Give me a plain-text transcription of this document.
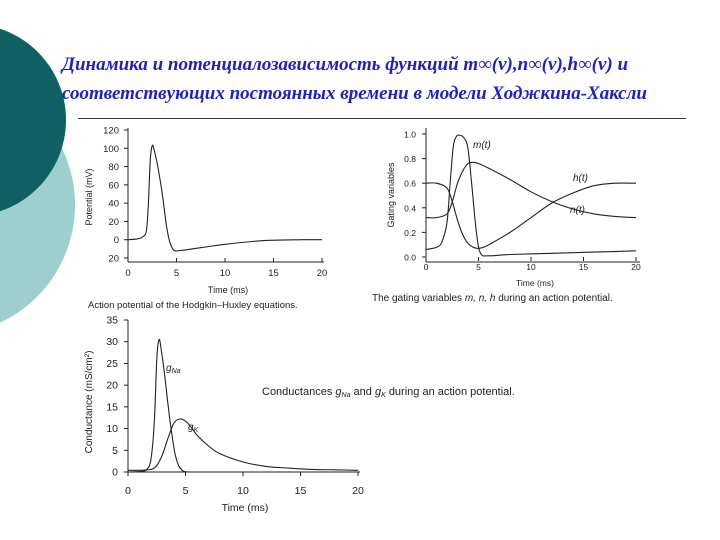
Динамика и потенциалозависимость функций m∞(v),n∞(v),h∞(v) и
соответствующих постоянных времени в модели Ходжкина-Хаксли
20
0
20
40
60
80
100
120
0	5	10	15	20
Potential (mV)
Time (ms)
Action potential of the Hodgkin–Huxley equations.
0.0
0.2
0.4
0.6
0.8
1.0
0	5	10	15	20
Gating variables
Time (ms)
m(t)
h(t)
n(t)
The gating variables m, n, h during an action potential.
0
5
10
15
20
25
30
35
0	5	10	15	20
Conductance (mS/cm²)
Time (ms)
$g_{Na}$
$g_K$
Conductances gNa and gK during an action potential.
